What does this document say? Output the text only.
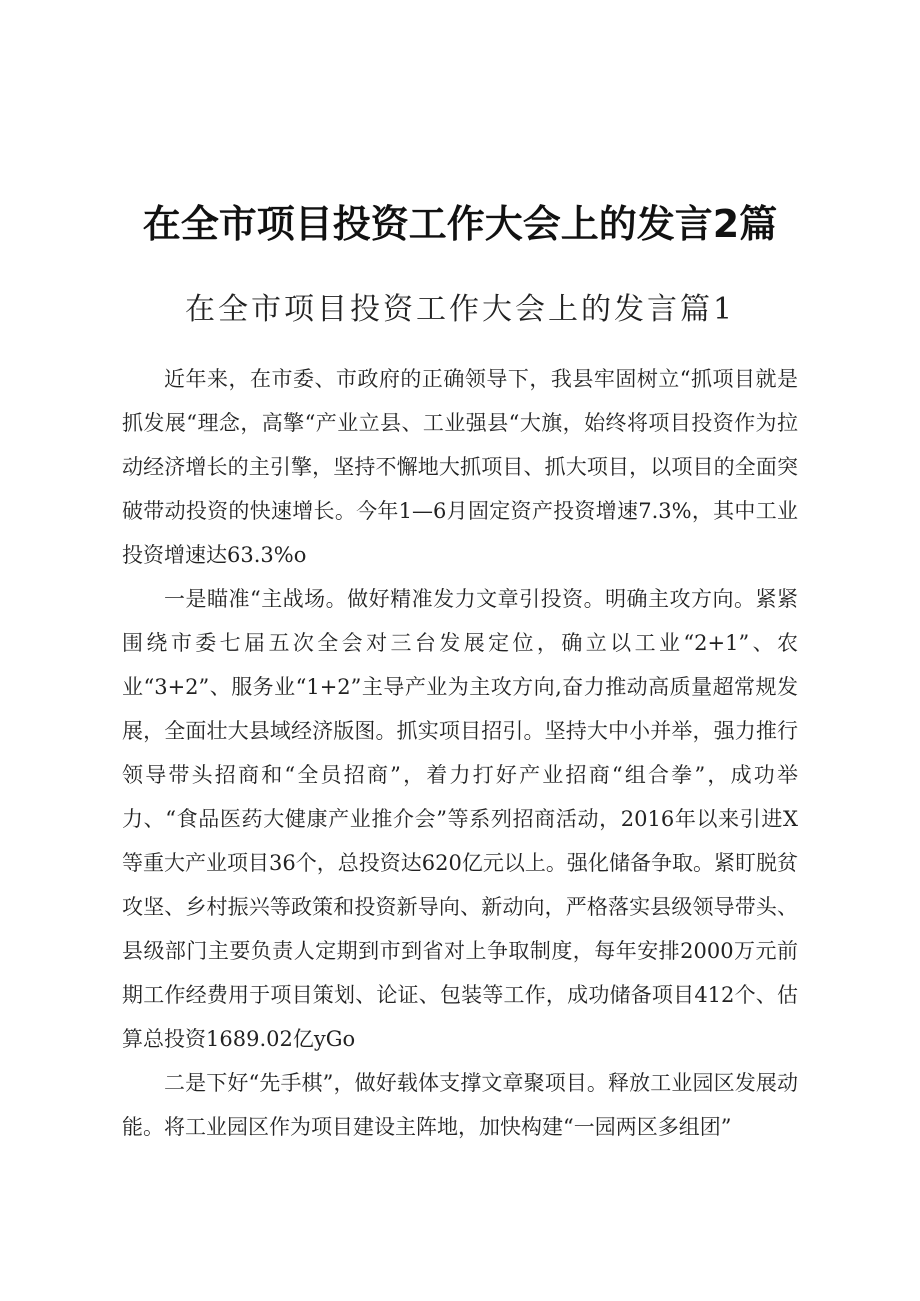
在全市项目投资工作大会上的发言2篇
在全市项目投资工作大会上的发言篇1

近年来，在市委、市政府的正确领导下，我县牢固树立“抓项目就是抓发展“理念，高擎“产业立县、工业强县“大旗，始终将项目投资作为拉动经济增长的主引擎，坚持不懈地大抓项目、抓大项目，以项目的全面突破带动投资的快速增长。今年1—6月固定资产投资增速7.3%，其中工业投资增速达63.3%o

一是瞄准“主战场。做好精准发力文章引投资。明确主攻方向。紧紧围绕市委七届五次全会对三台发展定位，确立以工业“2+1”、农业“3+2”、服务业“1+2”主导产业为主攻方向,奋力推动高质量超常规发展，全面壮大县域经济版图。抓实项目招引。坚持大中小并举，强力推行领导带头招商和“全员招商”，着力打好产业招商“组合拳”，成功举力、“食品医药大健康产业推介会”等系列招商活动，2016年以来引进X等重大产业项目36个，总投资达620亿元以上。强化储备争取。紧盯脱贫攻坚、乡村振兴等政策和投资新导向、新动向，严格落实县级领导带头、县级部门主要负责人定期到市到省对上争取制度，每年安排2000万元前期工作经费用于项目策划、论证、包装等工作，成功储备项目412个、估算总投资1689.02亿yGo

二是下好“先手棋”，做好载体支撑文章聚项目。释放工业园区发展动能。将工业园区作为项目建设主阵地，加快构建“一园两区多组团”
